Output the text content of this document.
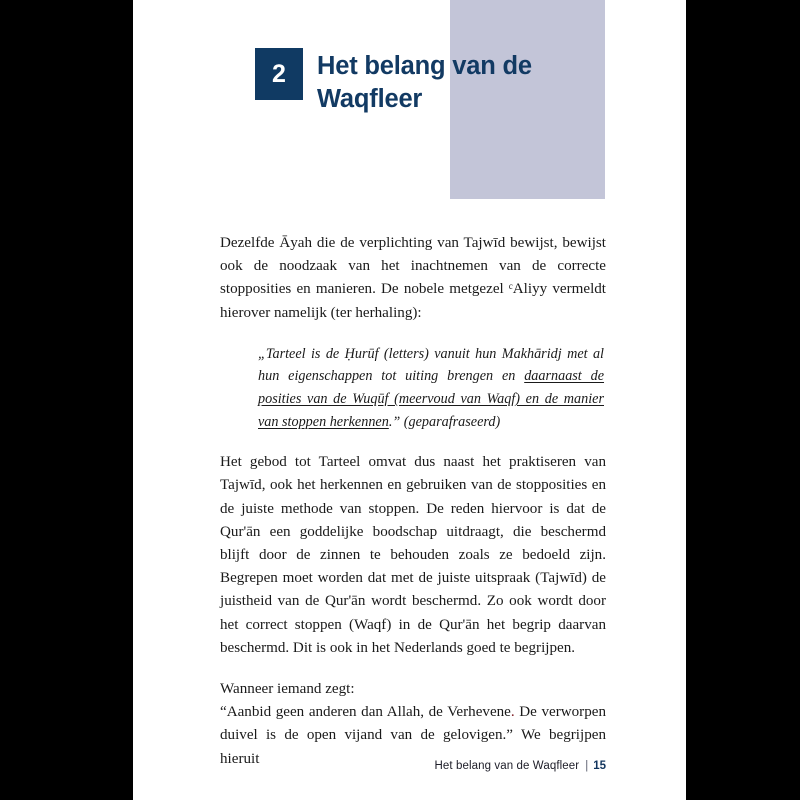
2	Het belang van de
Waqfleer

Dezelfde Āyah die de verplichting van Tajwīd bewijst, bewijst ook de noodzaak van het inachtnemen van de correcte stopposities en manieren. De nobele metgezel ᶜAliyy vermeldt hierover namelijk (ter herhaling):

„Tarteel is de Ḥurūf (letters) vanuit hun Makhāridj met al hun eigenschappen tot uiting brengen en daarnaast de posities van de Wuqūf (meervoud van Waqf) en de manier van stoppen herkennen.” (geparafraseerd)

Het gebod tot Tarteel omvat dus naast het praktiseren van Tajwīd, ook het herkennen en gebruiken van de stopposities en de juiste methode van stoppen. De reden hiervoor is dat de Qur'ān een goddelijke boodschap uitdraagt, die beschermd blijft door de zinnen te behouden zoals ze bedoeld zijn. Begrepen moet worden dat met de juiste uitspraak (Tajwīd) de juistheid van de Qur'ān wordt beschermd. Zo ook wordt door het correct stoppen (Waqf) in de Qur'ān het begrip daarvan beschermd. Dit is ook in het Nederlands goed te begrijpen.

Wanneer iemand zegt:

“Aanbid geen anderen dan Allah, de Verhevene. De verworpen duivel is de open vijand van de gelovigen.” We begrijpen hieruit	Het belang van de Waqfleer | 15
